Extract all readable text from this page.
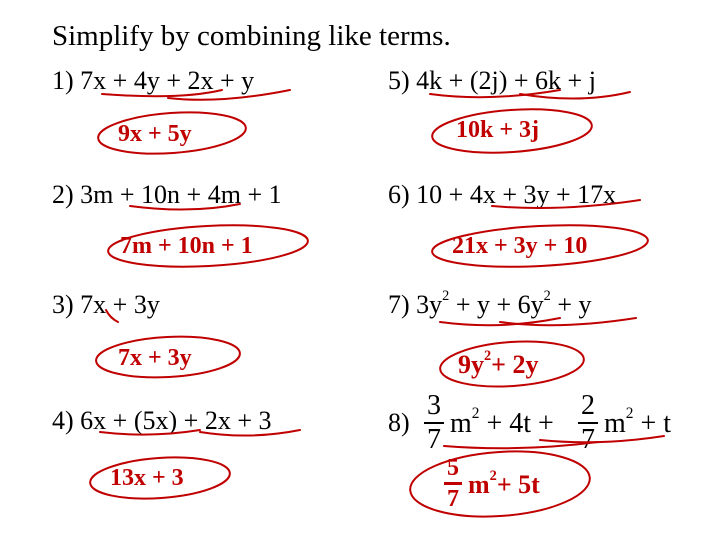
Simplify by combining like terms.
1) 7x + 4y + 2x + y
9x + 5y
2) 3m + 10n + 4m + 1
7m + 10n + 1
3) 7x + 3y
7x + 3y
4) 6x + (5x) + 2x + 3
13x + 3
5) 4k + (2j) + 6k + j
10k + 3j
6) 10 + 4x + 3y + 17x
21x + 3y + 10
7) $3y^2 + y + 6y^2 + y$
$9y^2+ 2y$
8)
3
7
$m^2 + 4t$ +
2
7
$m^2 + t$
5
7 $m^2+ 5t$
